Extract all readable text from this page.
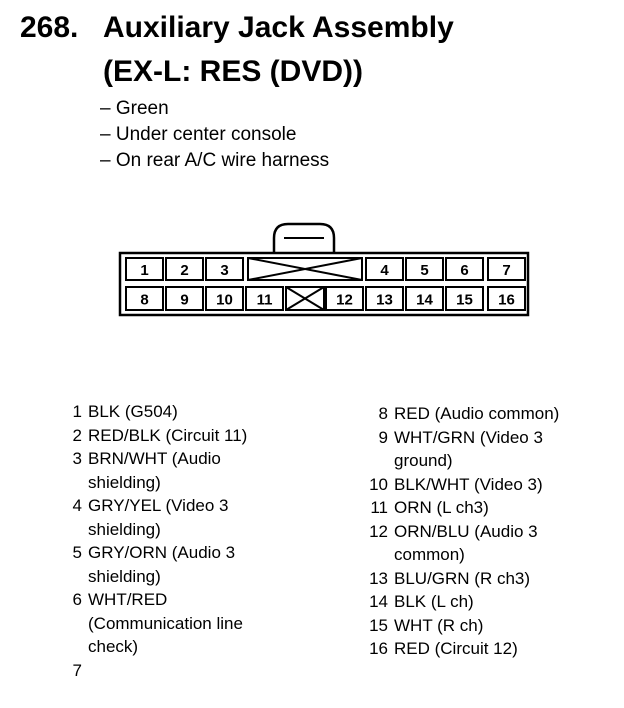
268. Auxiliary Jack Assembly
(EX-L: RES (DVD))
– Green
– Under center console
– On rear A/C wire harness
1 2 3	4 5 6 7
8 9 10 11	12 13 14 15 16
1 BLK (G504)
2 RED/BLK (Circuit 11)
3 BRN/WHT (Audio
shielding)
4 GRY/YEL (Video 3
shielding)
5 GRY/ORN (Audio 3
shielding)
6 WHT/RED
(Communication line
check)
7
8 RED (Audio common)
9 WHT/GRN (Video 3
ground)
10 BLK/WHT (Video 3)
11 ORN (L ch3)
12 ORN/BLU (Audio 3
common)
13 BLU/GRN (R ch3)
14 BLK (L ch)
15 WHT (R ch)
16 RED (Circuit 12)
